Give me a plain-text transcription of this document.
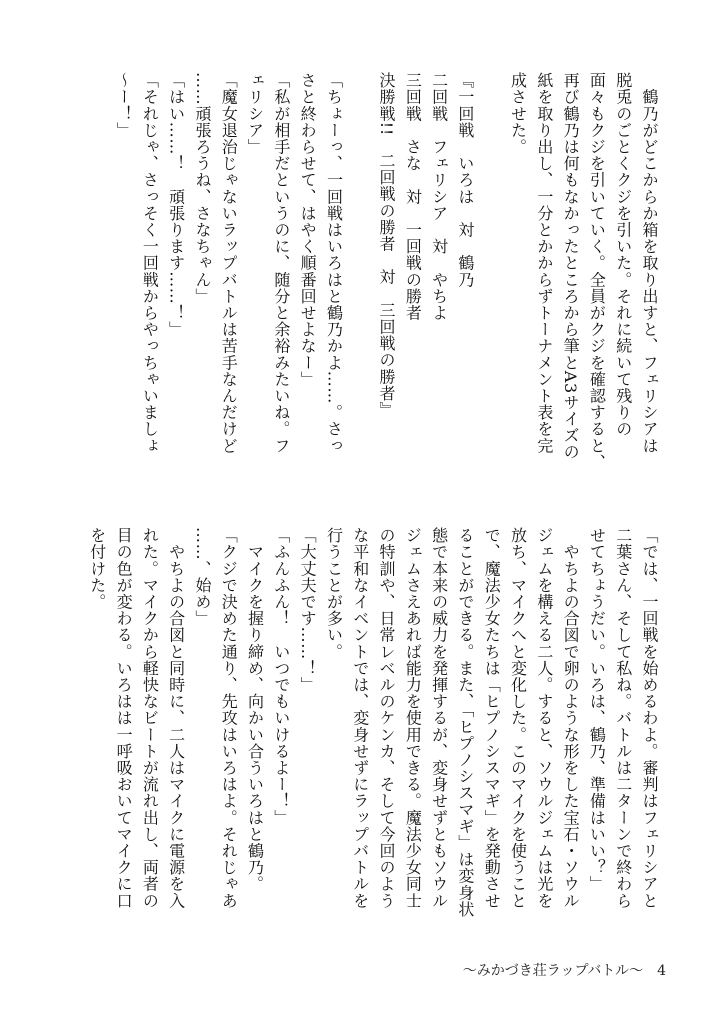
　鶴乃がどこからか箱を取り出すと、フェリシアは
脱兎のごとくクジを引いた。それに続いて残りの
面々もクジを引いていく。全員がクジを確認すると、
再び鶴乃は何もなかったところから筆とA3サイズの
紙を取り出し、一分とかからずトーナメント表を完
成させた。

『一回戦　いろは　対　鶴乃
二回戦　フェリシア　対　やちよ
三回戦　さな　対　一回戦の勝者
決勝戦!!　二回戦の勝者　対　三回戦の勝者』

「ちょーっ、一回戦はいろはと鶴乃かよ……。さっ
さと終わらせて、はやく順番回せよなー」
「私が相手だというのに、随分と余裕みたいね。フ
ェリシア」
「魔女退治じゃないラップバトルは苦手なんだけど
……頑張ろうね、さなちゃん」
「はい……！　頑張ります……！」
「それじゃ、さっそく一回戦からやっちゃいましょ
〜ー！」
「では、一回戦を始めるわよ。審判はフェリシアと
二葉さん、そして私ね。バトルは二ターンで終わら
せてちょうだい。いろは、鶴乃、準備はいい？」
　やちよの合図で卵のような形をした宝石・ソウル
ジェムを構える二人。すると、ソウルジェムは光を
放ち、マイクへと変化した。このマイクを使うこと
で、魔法少女たちは「ヒプノシスマギ」を発動させ
ることができる。また、「ヒプノシスマギ」は変身状
態で本来の威力を発揮するが、変身せずともソウル
ジェムさえあれば能力を使用できる。魔法少女同士
の特訓や、日常レベルのケンカ、そして今回のよう
な平和なイベントでは、変身せずにラップバトルを
行うことが多い。
「大丈夫です……！」
「ふんふん！　いつでもいけるよー！」
　マイクを握り締め、向かい合ういろはと鶴乃。
「クジで決めた通り、先攻はいろはよ。それじゃあ
……、始め」
　やちよの合図と同時に、二人はマイクに電源を入
れた。マイクから軽快なビートが流れ出し、両者の
目の色が変わる。いろはは一呼吸おいてマイクに口
を付けた。
〜みかづき荘ラップバトル〜 4
